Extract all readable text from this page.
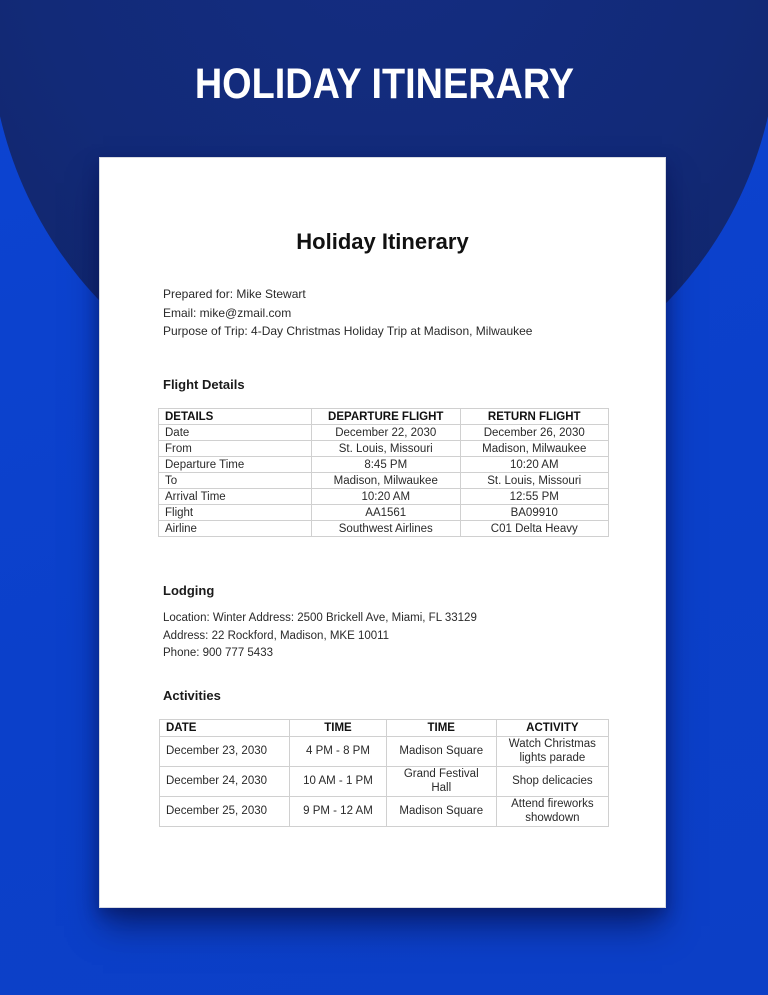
HOLIDAY ITINERARY
Holiday Itinerary
Prepared for: Mike Stewart
Email: mike@zmail.com
Purpose of Trip: 4-Day Christmas Holiday Trip at Madison, Milwaukee
Flight Details
DETAILS	DEPARTURE FLIGHT	RETURN FLIGHT
Date	December 22, 2030	December 26, 2030
From	St. Louis, Missouri	Madison, Milwaukee
Departure Time	8:45 PM	10:20 AM
To	Madison, Milwaukee	St. Louis, Missouri
Arrival Time	10:20 AM	12:55 PM
Flight	AA1561	BA09910
Airline	Southwest Airlines	C01 Delta Heavy
Lodging
Location: Winter Address: 2500 Brickell Ave, Miami, FL 33129
Address: 22 Rockford, Madison, MKE 10011
Phone: 900 777 5433
Activities
DATE	TIME	TIME	ACTIVITY
December 23, 2030	4 PM - 8 PM	Madison Square	Watch Christmas lights parade
December 24, 2030	10 AM - 1 PM	Grand Festival Hall	Shop delicacies
December 25, 2030	9 PM - 12 AM	Madison Square	Attend fireworks showdown
